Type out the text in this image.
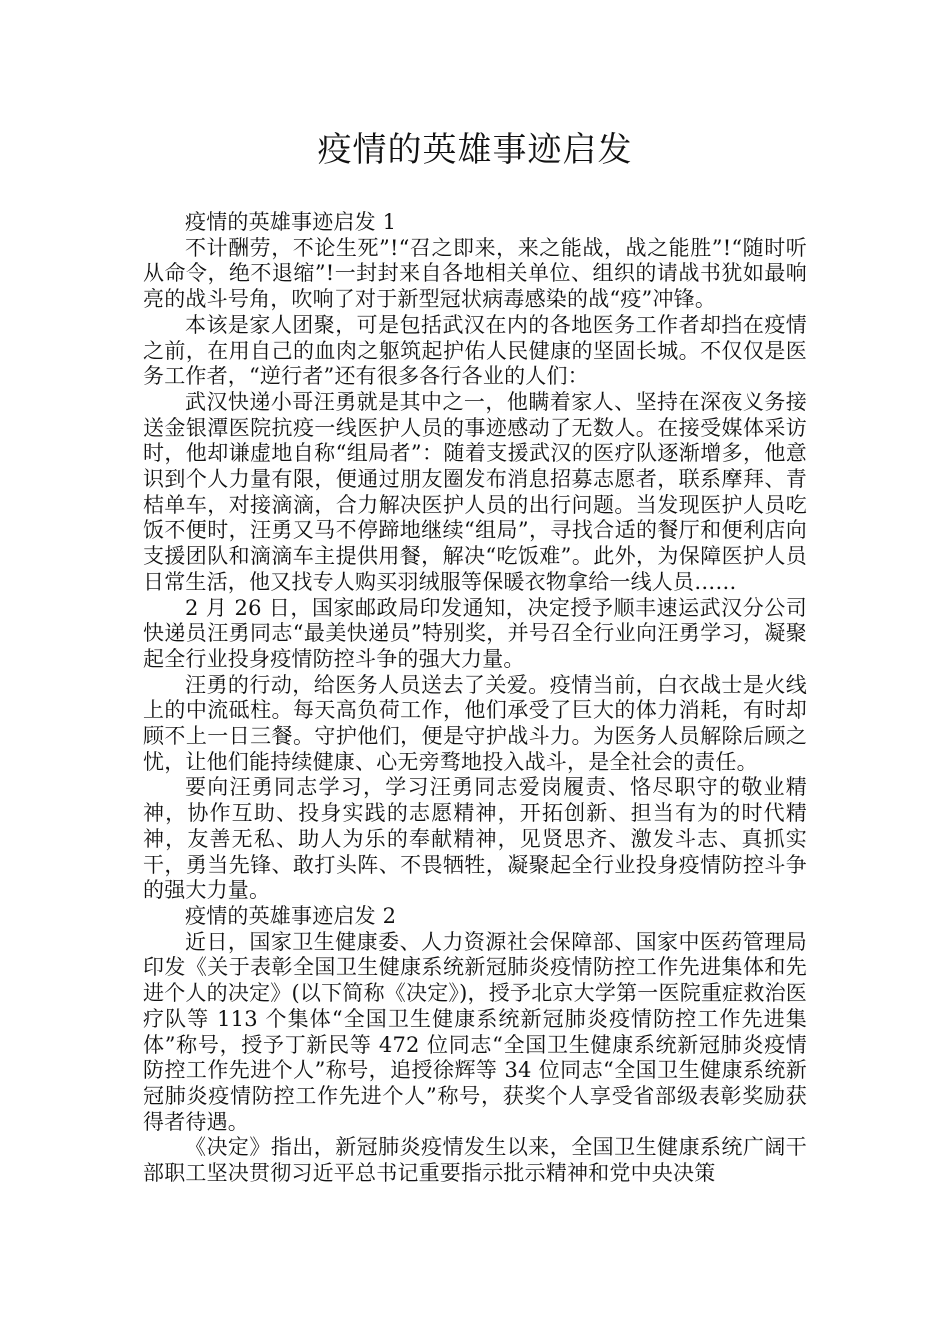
疫情的英雄事迹启发

疫情的英雄事迹启发 1

不计酬劳，不论生死”!“召之即来，来之能战，战之能胜”!“随时听从命令，绝不退缩”!一封封来自各地相关单位、组织的请战书犹如最响亮的战斗号角，吹响了对于新型冠状病毒感染的战“疫”冲锋。

本该是家人团聚，可是包括武汉在内的各地医务工作者却挡在疫情之前，在用自己的血肉之躯筑起护佑人民健康的坚固长城。不仅仅是医务工作者，“逆行者”还有很多各行各业的人们：

武汉快递小哥汪勇就是其中之一，他瞒着家人、坚持在深夜义务接送金银潭医院抗疫一线医护人员的事迹感动了无数人。在接受媒体采访时，他却谦虚地自称“组局者”：随着支援武汉的医疗队逐渐增多，他意识到个人力量有限，便通过朋友圈发布消息招募志愿者，联系摩拜、青桔单车，对接滴滴，合力解决医护人员的出行问题。当发现医护人员吃饭不便时，汪勇又马不停蹄地继续“组局”，寻找合适的餐厅和便利店向支援团队和滴滴车主提供用餐，解决“吃饭难”。此外，为保障医护人员日常生活，他又找专人购买羽绒服等保暖衣物拿给一线人员……

2 月 26 日，国家邮政局印发通知，决定授予顺丰速运武汉分公司快递员汪勇同志“最美快递员”特别奖，并号召全行业向汪勇学习，凝聚起全行业投身疫情防控斗争的强大力量。

汪勇的行动，给医务人员送去了关爱。疫情当前，白衣战士是火线上的中流砥柱。每天高负荷工作，他们承受了巨大的体力消耗，有时却顾不上一日三餐。守护他们，便是守护战斗力。为医务人员解除后顾之忧，让他们能持续健康、心无旁骛地投入战斗，是全社会的责任。

要向汪勇同志学习，学习汪勇同志爱岗履责、恪尽职守的敬业精神，协作互助、投身实践的志愿精神，开拓创新、担当有为的时代精神，友善无私、助人为乐的奉献精神，见贤思齐、激发斗志、真抓实干，勇当先锋、敢打头阵、不畏牺牲，凝聚起全行业投身疫情防控斗争的强大力量。

疫情的英雄事迹启发 2

近日，国家卫生健康委、人力资源社会保障部、国家中医药管理局印发《关于表彰全国卫生健康系统新冠肺炎疫情防控工作先进集体和先进个人的决定》(以下简称《决定》)，授予北京大学第一医院重症救治医疗队等 113 个集体“全国卫生健康系统新冠肺炎疫情防控工作先进集体”称号，授予丁新民等 472 位同志“全国卫生健康系统新冠肺炎疫情防控工作先进个人”称号，追授徐辉等 34 位同志“全国卫生健康系统新冠肺炎疫情防控工作先进个人”称号，获奖个人享受省部级表彰奖励获得者待遇。

《决定》指出，新冠肺炎疫情发生以来，全国卫生健康系统广阔干部职工坚决贯彻习近平总书记重要指示批示精神和党中央决策
